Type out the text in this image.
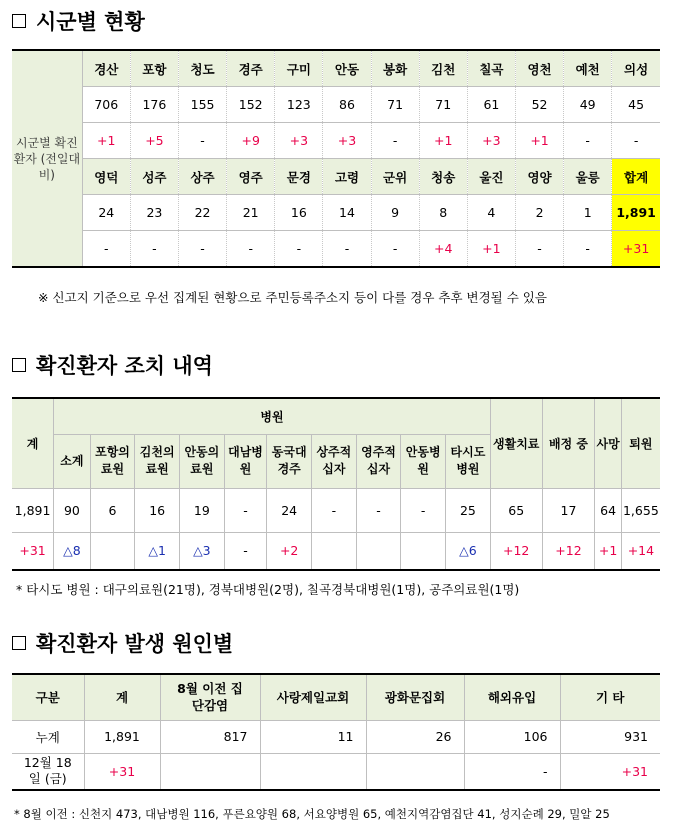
시군별 현황
시군별 확진환자 (전일대비)	경산	포항	청도	경주	구미	안동	봉화	김천	칠곡	영천	예천	의성
	706	176	155	152	123	86	71	71	61	52	49	45
	+1	+5	-	+9	+3	+3	-	+1	+3	+1	-	-
	영덕	성주	상주	영주	문경	고령	군위	청송	울진	영양	울릉	합계
	24	23	22	21	16	14	9	8	4	2	1	1,891
	-	-	-	-	-	-	-	+4	+1	-	-	+31
※ 신고지 기준으로 우선 집계된 현황으로 주민등록주소지 등이 다를 경우 추후 변경될 수 있음
확진환자 조치 내역
계	병원										생활치료	배정 중	사망	퇴원
	소계	포항의료원	김천의료원	안동의료원	대남병원	동국대경주	상주적십자	영주적십자	안동병원	타시도병원				
1,891	90	6	16	19	-	24	-	-	-	25	65	17	64	1,655
+31	△8		△1	△3	-	+2				△6	+12	+12	+1	+14
* 타시도 병원 : 대구의료원(21명), 경북대병원(2명), 칠곡경북대병원(1명), 공주의료원(1명)
확진환자 발생 원인별
구분	계	8월 이전 집단감염	사랑제일교회	광화문집회	해외유입	기 타
누계	1,891	817	11	26	106	931
12월 18일 (금)	+31				-	+31
* 8월 이전 : 신천지 473, 대남병원 116, 푸른요양원 68, 서요양병원 65, 예천지역감염집단 41, 성지순례 29, 밀알 25
